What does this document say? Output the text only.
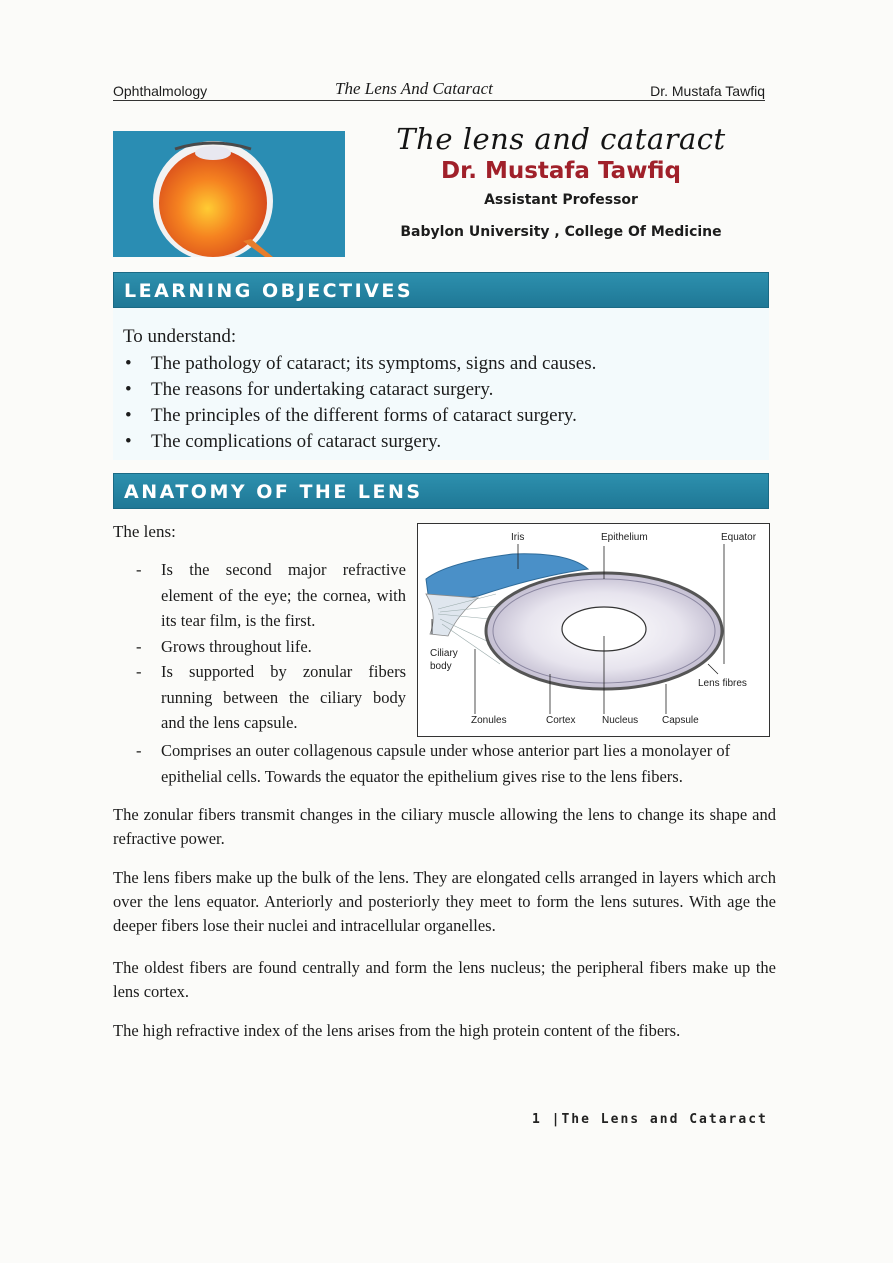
Ophthalmology	The Lens And Cataract	Dr. Mustafa Tawfiq
The lens and cataract
Dr. Mustafa Tawfiq
Assistant Professor
Babylon University , College Of Medicine
LEARNING OBJECTIVES
To understand:
• The pathology of cataract; its symptoms, signs and causes.
• The reasons for undertaking cataract surgery.
• The principles of the different forms of cataract surgery.
• The complications of cataract surgery.
ANATOMY OF THE LENS
The lens:
- Is the second major refractive element of the eye; the cornea, with its tear film, is the first.
- Grows throughout life.
- Is supported by zonular fibers running between the ciliary body and the lens capsule.
- Comprises an outer collagenous capsule under whose anterior part lies a monolayer of epithelial cells. Towards the equator the epithelium gives rise to the lens fibers.
Iris	Epithelium	Equator
Ciliary
body
Lens fibres
Zonules	Cortex	Nucleus Capsule

The zonular fibers transmit changes in the ciliary muscle allowing the lens to change its shape and refractive power.

The lens fibers make up the bulk of the lens. They are elongated cells arranged in layers which arch over the lens equator. Anteriorly and posteriorly they meet to form the lens sutures. With age the deeper fibers lose their nuclei and intracellular organelles.

The oldest fibers are found centrally and form the lens nucleus; the peripheral fibers make up the lens cortex.

The high refractive index of the lens arises from the high protein content of the fibers.

1 |The Lens and Cataract
